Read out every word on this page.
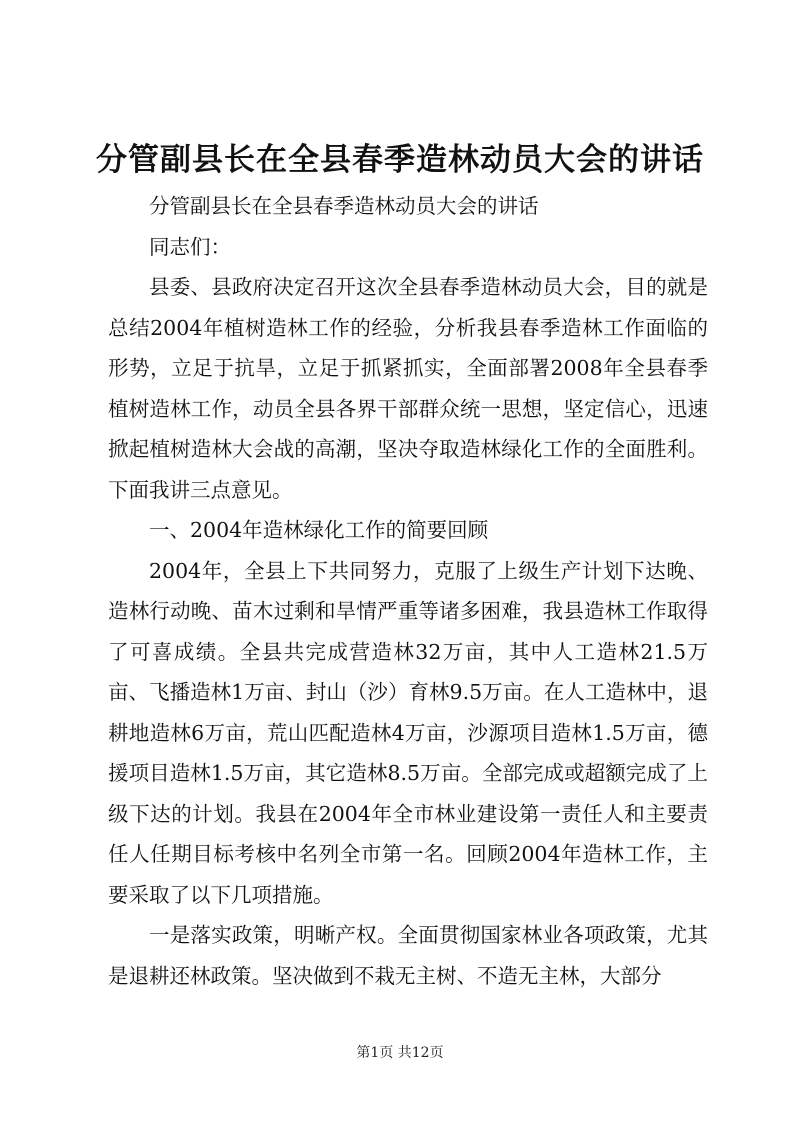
分管副县长在全县春季造林动员大会的讲话

分管副县长在全县春季造林动员大会的讲话

同志们：

县委、县政府决定召开这次全县春季造林动员大会，目的就是总结2004年植树造林工作的经验，分析我县春季造林工作面临的形势，立足于抗旱，立足于抓紧抓实，全面部署2008年全县春季植树造林工作，动员全县各界干部群众统一思想，坚定信心，迅速掀起植树造林大会战的高潮，坚决夺取造林绿化工作的全面胜利。下面我讲三点意见。

一、2004年造林绿化工作的简要回顾

2004年，全县上下共同努力，克服了上级生产计划下达晚、造林行动晚、苗木过剩和旱情严重等诸多困难，我县造林工作取得了可喜成绩。全县共完成营造林32万亩，其中人工造林21.5万亩、飞播造林1万亩、封山（沙）育林9.5万亩。在人工造林中，退耕地造林6万亩，荒山匹配造林4万亩，沙源项目造林1.5万亩，德援项目造林1.5万亩，其它造林8.5万亩。全部完成或超额完成了上级下达的计划。我县在2004年全市林业建设第一责任人和主要责任人任期目标考核中名列全市第一名。回顾2004年造林工作，主要采取了以下几项措施。

一是落实政策，明晰产权。全面贯彻国家林业各项政策，尤其是退耕还林政策。坚决做到不栽无主树、不造无主林，大部分

第1页 共12页
